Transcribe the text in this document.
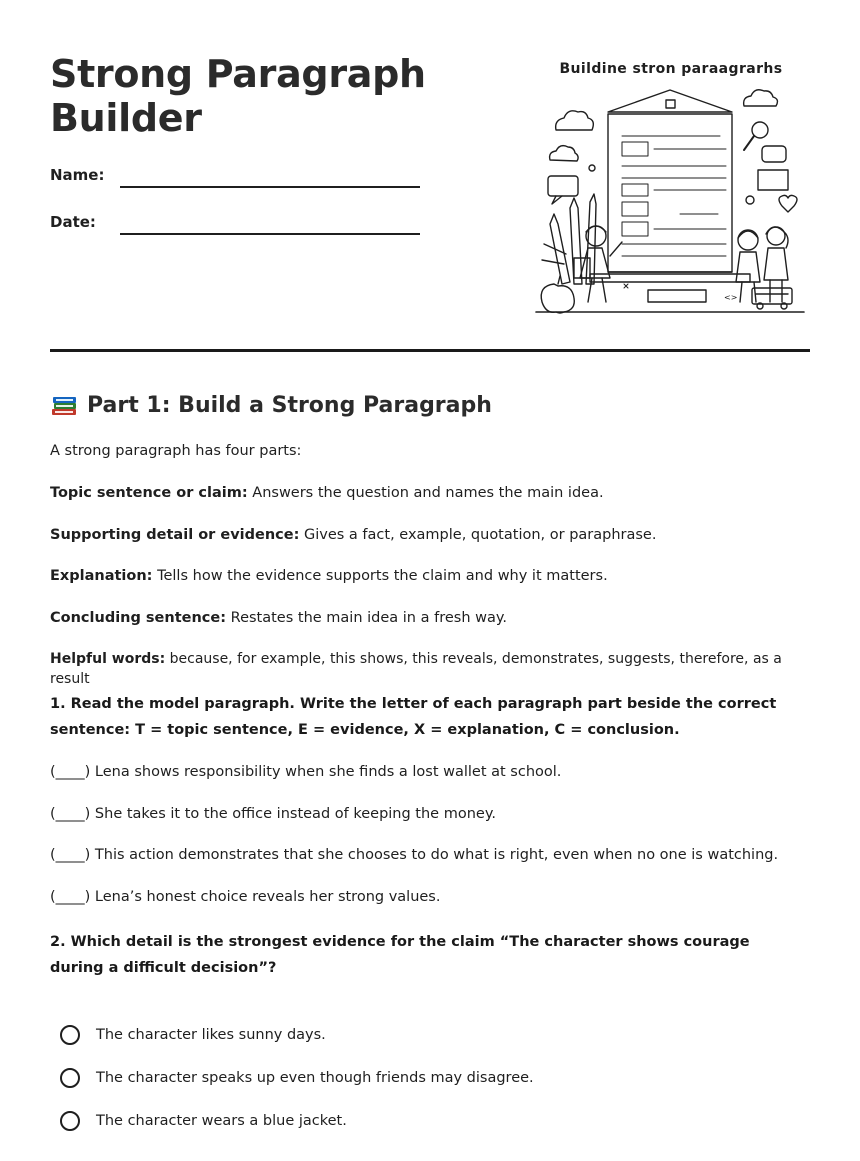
Strong Paragraph Builder
Name:
Date:
Buildine stron paraagrarhs
<>
Part 1: Build a Strong Paragraph
A strong paragraph has four parts:
Topic sentence or claim: Answers the question and names the main idea.
Supporting detail or evidence: Gives a fact, example, quotation, or paraphrase.
Explanation: Tells how the evidence supports the claim and why it matters.
Concluding sentence: Restates the main idea in a fresh way.
Helpful words: because, for example, this shows, this reveals, demonstrates, suggests, therefore, as a result
1. Read the model paragraph. Write the letter of each paragraph part beside the correct sentence: T = topic sentence, E = evidence, X = explanation, C = conclusion.
(____) Lena shows responsibility when she finds a lost wallet at school.
(____) She takes it to the office instead of keeping the money.
(____) This action demonstrates that she chooses to do what is right, even when no one is watching.
(____) Lena’s honest choice reveals her strong values.
2. Which detail is the strongest evidence for the claim “The character shows courage during a difficult decision”?
The character likes sunny days.
The character speaks up even though friends may disagree.
The character wears a blue jacket.
